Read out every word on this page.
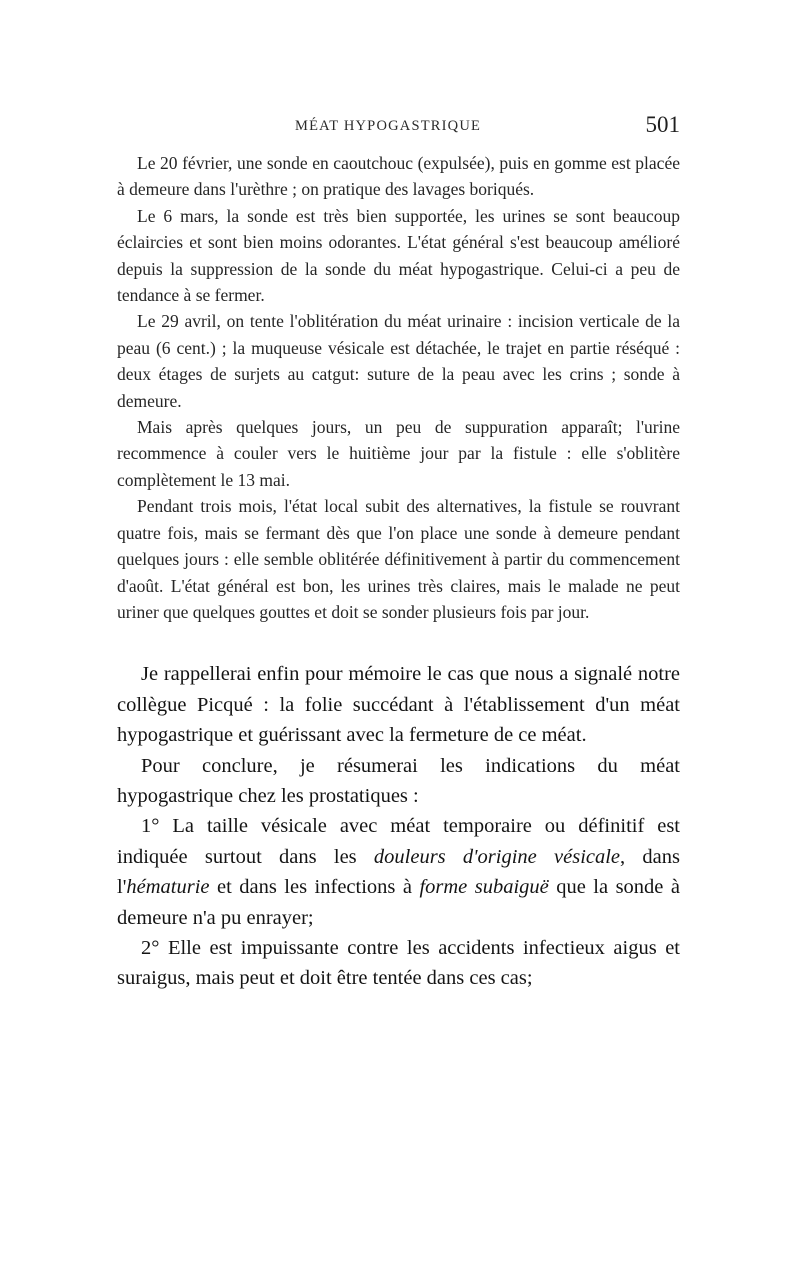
MÉAT HYPOGASTRIQUE	501

Le 20 février, une sonde en caoutchouc (expulsée), puis en gomme est placée à demeure dans l'urèthre ; on pratique des lavages boriqués.

Le 6 mars, la sonde est très bien supportée, les urines se sont beaucoup éclaircies et sont bien moins odorantes. L'état général s'est beaucoup amélioré depuis la suppression de la sonde du méat hypogastrique. Celui-ci a peu de tendance à se fermer.

Le 29 avril, on tente l'oblitération du méat urinaire : incision verticale de la peau (6 cent.) ; la muqueuse vésicale est détachée, le trajet en partie réséqué : deux étages de surjets au catgut: suture de la peau avec les crins ; sonde à demeure.

Mais après quelques jours, un peu de suppuration apparaît; l'urine recommence à couler vers le huitième jour par la fistule : elle s'oblitère complètement le 13 mai.

Pendant trois mois, l'état local subit des alternatives, la fistule se rouvrant quatre fois, mais se fermant dès que l'on place une sonde à demeure pendant quelques jours : elle semble oblitérée définitivement à partir du commencement d'août. L'état général est bon, les urines très claires, mais le malade ne peut uriner que quelques gouttes et doit se sonder plusieurs fois par jour.

Je rappellerai enfin pour mémoire le cas que nous a signalé notre collègue Picqué : la folie succédant à l'établissement d'un méat hypogastrique et guérissant avec la fermeture de ce méat.

Pour conclure, je résumerai les indications du méat hypogastrique chez les prostatiques :

1° La taille vésicale avec méat temporaire ou définitif est indiquée surtout dans les douleurs d'origine vésicale, dans l'hématurie et dans les infections à forme subaiguë que la sonde à demeure n'a pu enrayer;

2° Elle est impuissante contre les accidents infectieux aigus et suraigus, mais peut et doit être tentée dans ces cas;
